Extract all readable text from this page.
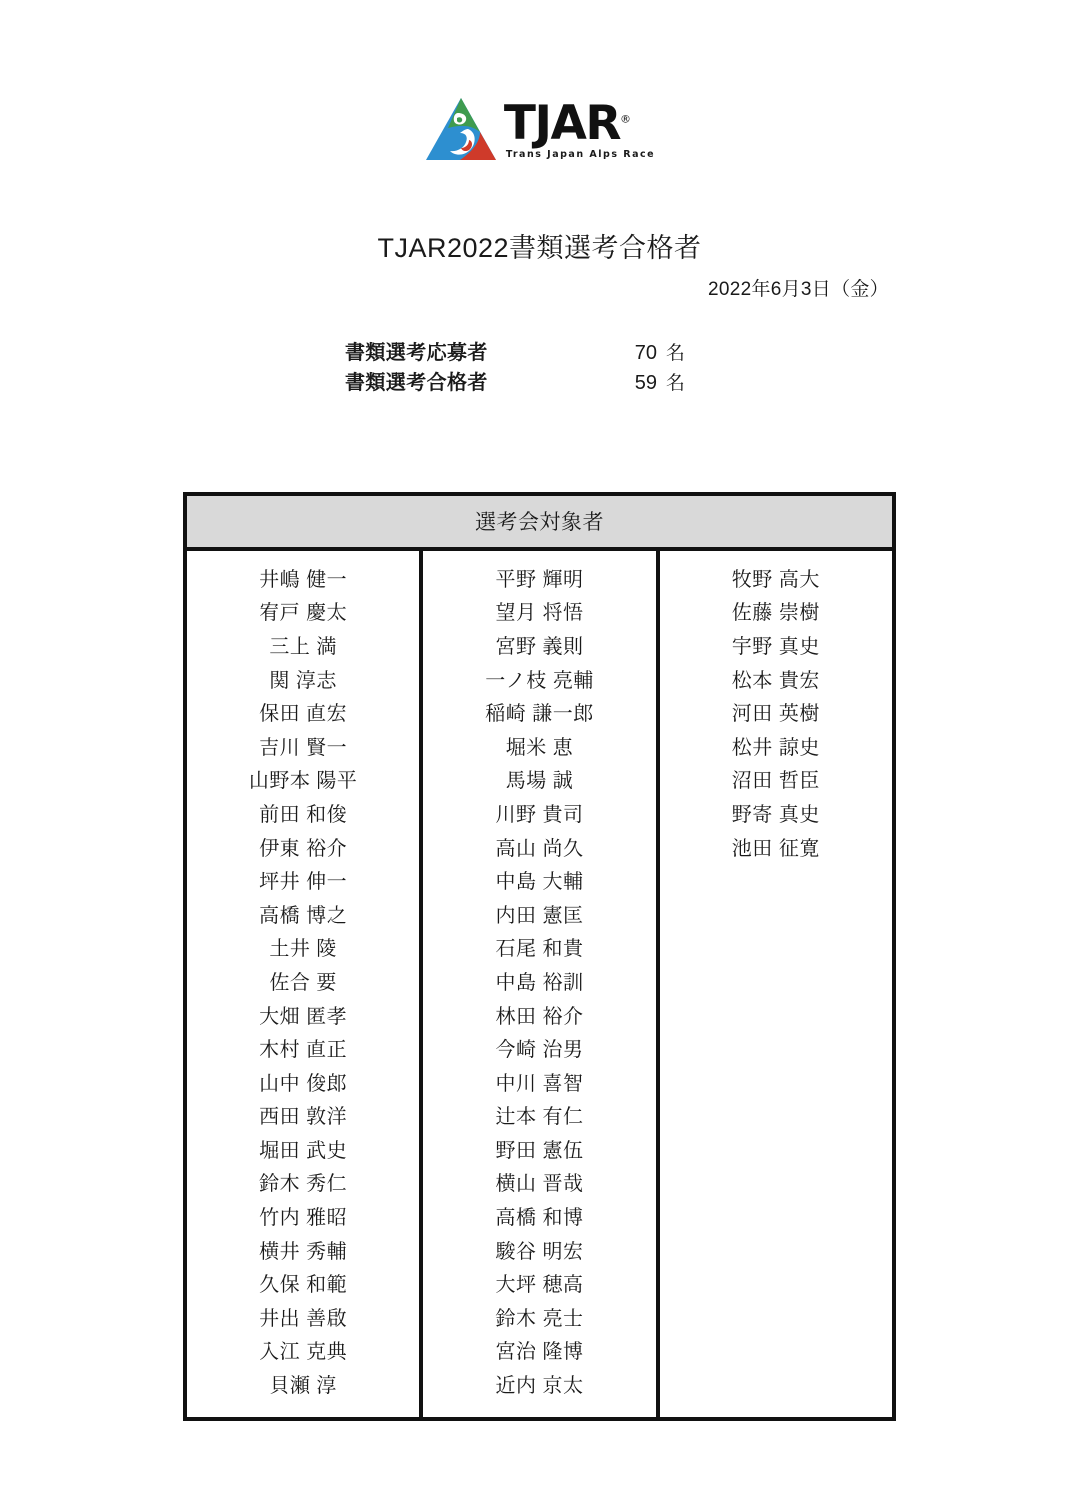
TJAR®
Trans Japan Alps Race
TJAR2022書類選考合格者
2022年6月3日（金）
書類選考応募者	70 名
書類選考合格者	59 名
選考会対象者
井嶋 健一
宥戸 慶太
三上 満
関 淳志
保田 直宏
吉川 賢一
山野本 陽平
前田 和俊
伊東 裕介
坪井 伸一
高橋 博之
土井 陵
佐合 要
大畑 匿孝
木村 直正
山中 俊郎
西田 敦洋
堀田 武史
鈴木 秀仁
竹内 雅昭
横井 秀輔
久保 和範
井出 善啟
入江 克典
貝瀬 淳
平野 輝明
望月 将悟
宮野 義則
一ノ枝 亮輔
稲崎 謙一郎
堀米 恵
馬場 誠
川野 貴司
高山 尚久
中島 大輔
内田 憲匡
石尾 和貴
中島 裕訓
林田 裕介
今崎 治男
中川 喜智
辻本 有仁
野田 憲伍
横山 晋哉
高橋 和博
駿谷 明宏
大坪 穂高
鈴木 亮士
宮治 隆博
近内 京太
牧野 高大
佐藤 崇樹
宇野 真史
松本 貴宏
河田 英樹
松井 諒史
沼田 哲臣
野寄 真史
池田 征寛
